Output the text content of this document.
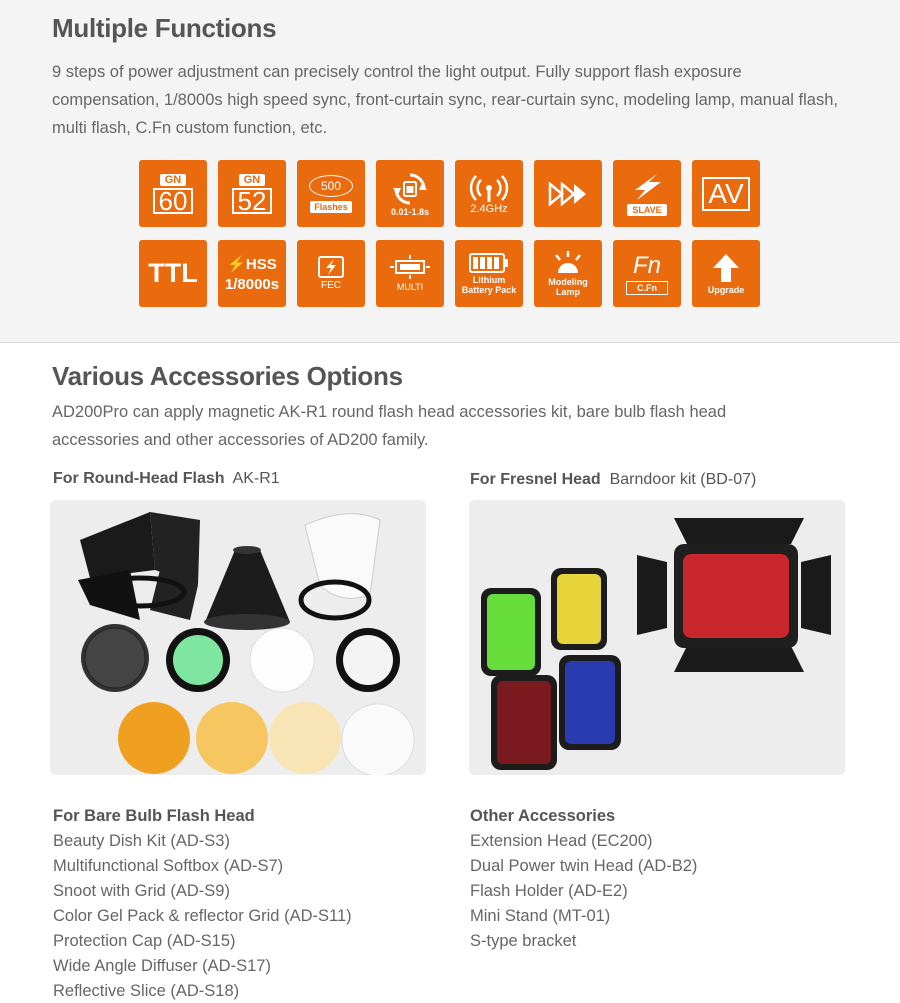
Multiple Functions
9 steps of power adjustment can precisely control the light output. Fully support flash exposure compensation, 1/8000s high speed sync, front-curtain sync, rear-curtain sync, modeling lamp, manual flash, multi flash, C.Fn custom function, etc.
GN
60
GN
52	500
Flashes	0.01-1.8s	2.4GHz	SLAVE
AV
TTL ⚡HSS
1/8000s	FEC	MULTI
Lithium Battery Pack
Modeling Lamp
Fn
C.Fn	Upgrade
Various Accessories Options
AD200Pro can apply magnetic AK-R1 round flash head accessories kit, bare bulb flash head
accessories and other accessories of AD200 family.
For Round-Head Flash AK-R1	For Fresnel Head Barndoor kit (BD-07)
For Bare Bulb Flash Head
Beauty Dish Kit (AD-S3)
Multifunctional Softbox (AD-S7)
Snoot with Grid (AD-S9)
Color Gel Pack & reflector Grid (AD-S11)
Protection Cap (AD-S15)
Wide Angle Diffuser (AD-S17)
Reflective Slice (AD-S18)
Other Accessories
Extension Head (EC200)
Dual Power twin Head (AD-B2)
Flash Holder (AD-E2)
Mini Stand (MT-01)
S-type bracket
